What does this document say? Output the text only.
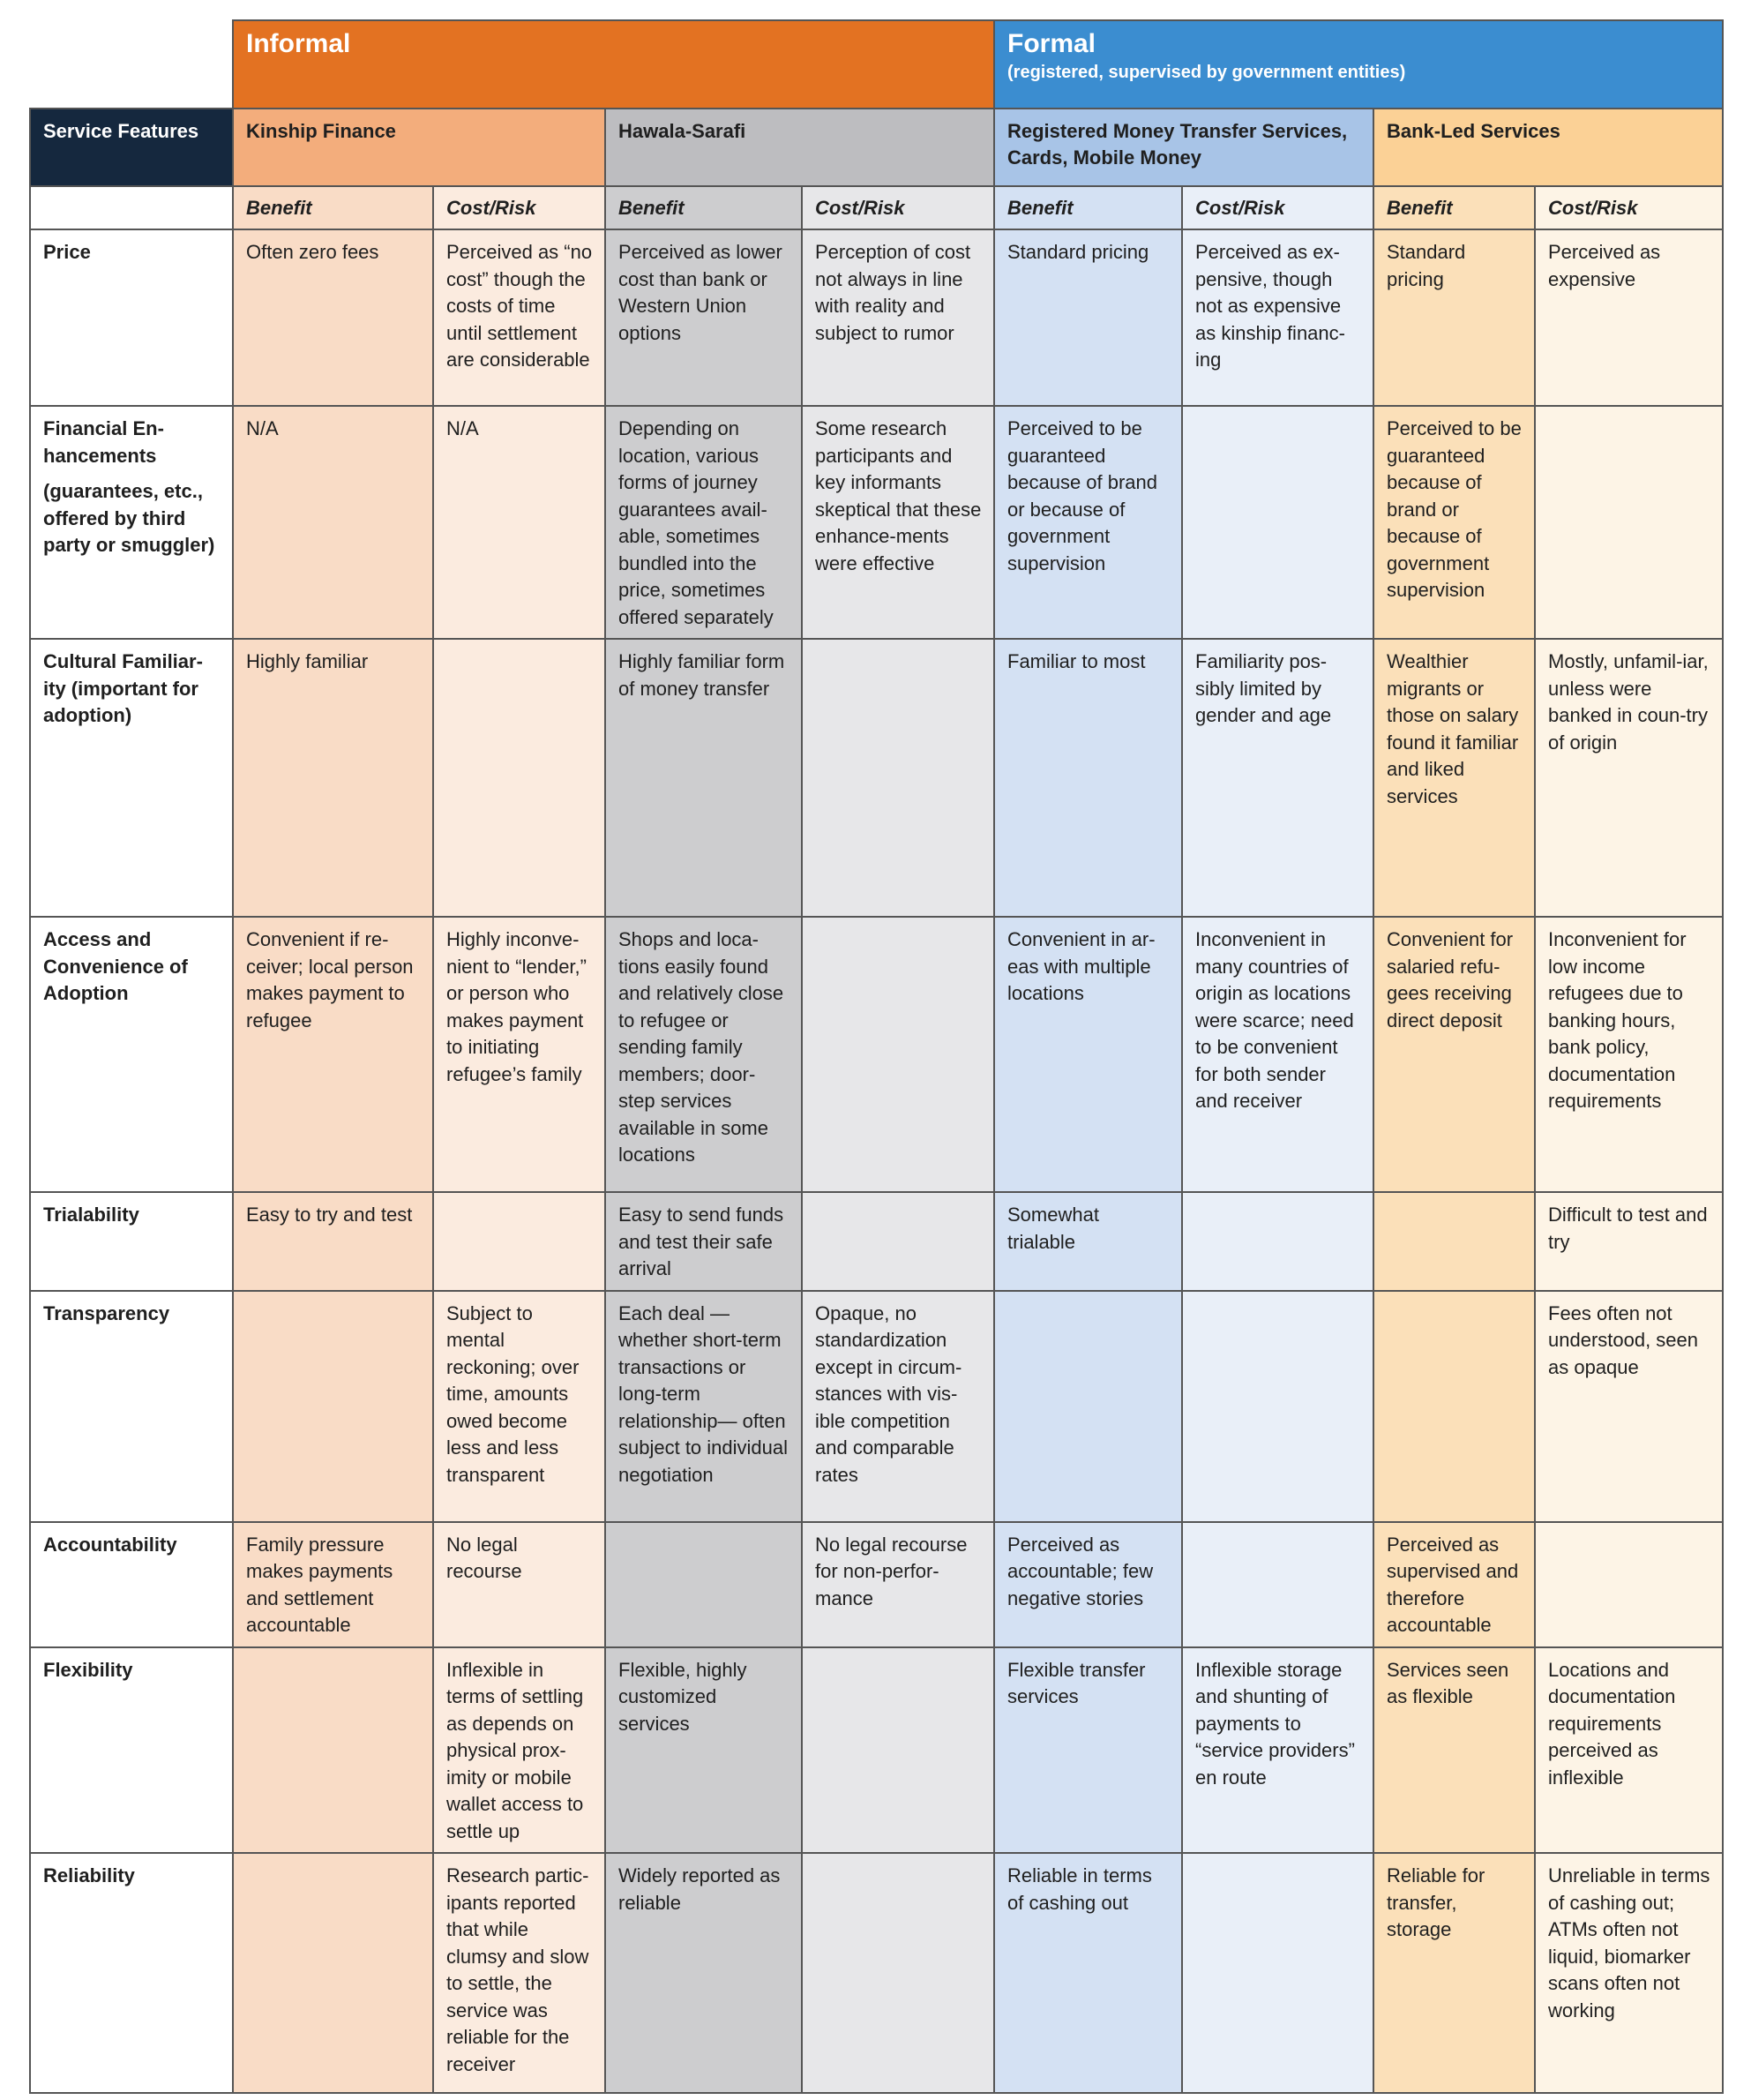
	Informal				Formal
(registered, supervised by government entities)			

Service Features	Kinship Finance		Hawala-Sarafi		Registered Money Transfer Services, Cards, Mobile Money		Bank-Led Services	
	Benefit	Cost/Risk	Benefit	Cost/Risk	Benefit	Cost/Risk	Benefit	Cost/Risk
Price	Often zero fees	Perceived as “no cost” though the costs of time until settlement are considerable	Perceived as lower cost than bank or Western Union options	Perception of cost not always in line with reality and subject to rumor	Standard pricing	Perceived as ex-pensive, though not as expensive as kinship financ-ing	Standard pricing	Perceived as expensive
Financial En-hancements
(guarantees, etc., offered by third party or smuggler)	N/A	N/A	Depending on location, various forms of journey guarantees avail-able, sometimes bundled into the price, sometimes offered separately	Some research participants and key informants skeptical that these enhance-ments were effective	Perceived to be guaranteed because of brand or because of government supervision		Perceived to be guaranteed because of brand or because of government supervision	
Cultural Familiar-ity (important for adoption)	Highly familiar		Highly familiar form of money transfer		Familiar to most	Familiarity pos-sibly limited by gender and age	Wealthier migrants or those on salary found it familiar and liked services	Mostly, unfamil-iar, unless were banked in coun-try of origin
Access and Convenience of Adoption	Convenient if re-ceiver; local person makes payment to refugee	Highly inconve-nient to “lender,” or person who makes payment to initiating refugee’s family	Shops and loca-tions easily found and relatively close to refugee or sending family members; door-step services available in some locations		Convenient in ar-eas with multiple locations	Inconvenient in many countries of origin as locations were scarce; need to be convenient for both sender and receiver	Convenient for salaried refu-gees receiving direct deposit	Inconvenient for low income refugees due to banking hours, bank policy, documentation requirements
Trialability	Easy to try and test		Easy to send funds and test their safe arrival		Somewhat trialable			Difficult to test and try
Transparency		Subject to mental reckoning; over time, amounts owed become less and less transparent	Each deal — whether short-term transactions or long-term relationship— often subject to individual negotiation	Opaque, no standardization except in circum-stances with vis-ible competition and comparable rates				Fees often not understood, seen as opaque
Accountability	Family pressure makes payments and settlement accountable	No legal recourse		No legal recourse for non-perfor-mance	Perceived as accountable; few negative stories		Perceived as supervised and therefore accountable	
Flexibility		Inflexible in terms of settling as depends on physical prox-imity or mobile wallet access to settle up	Flexible, highly customized services		Flexible transfer services	Inflexible storage and shunting of payments to “service providers” en route	Services seen as flexible	Locations and documentation requirements perceived as inflexible
Reliability		Research partic-ipants reported that while clumsy and slow to settle, the service was reliable for the receiver	Widely reported as reliable		Reliable in terms of cashing out		Reliable for transfer, storage	Unreliable in terms of cashing out; ATMs often not liquid, biomarker scans often not working
